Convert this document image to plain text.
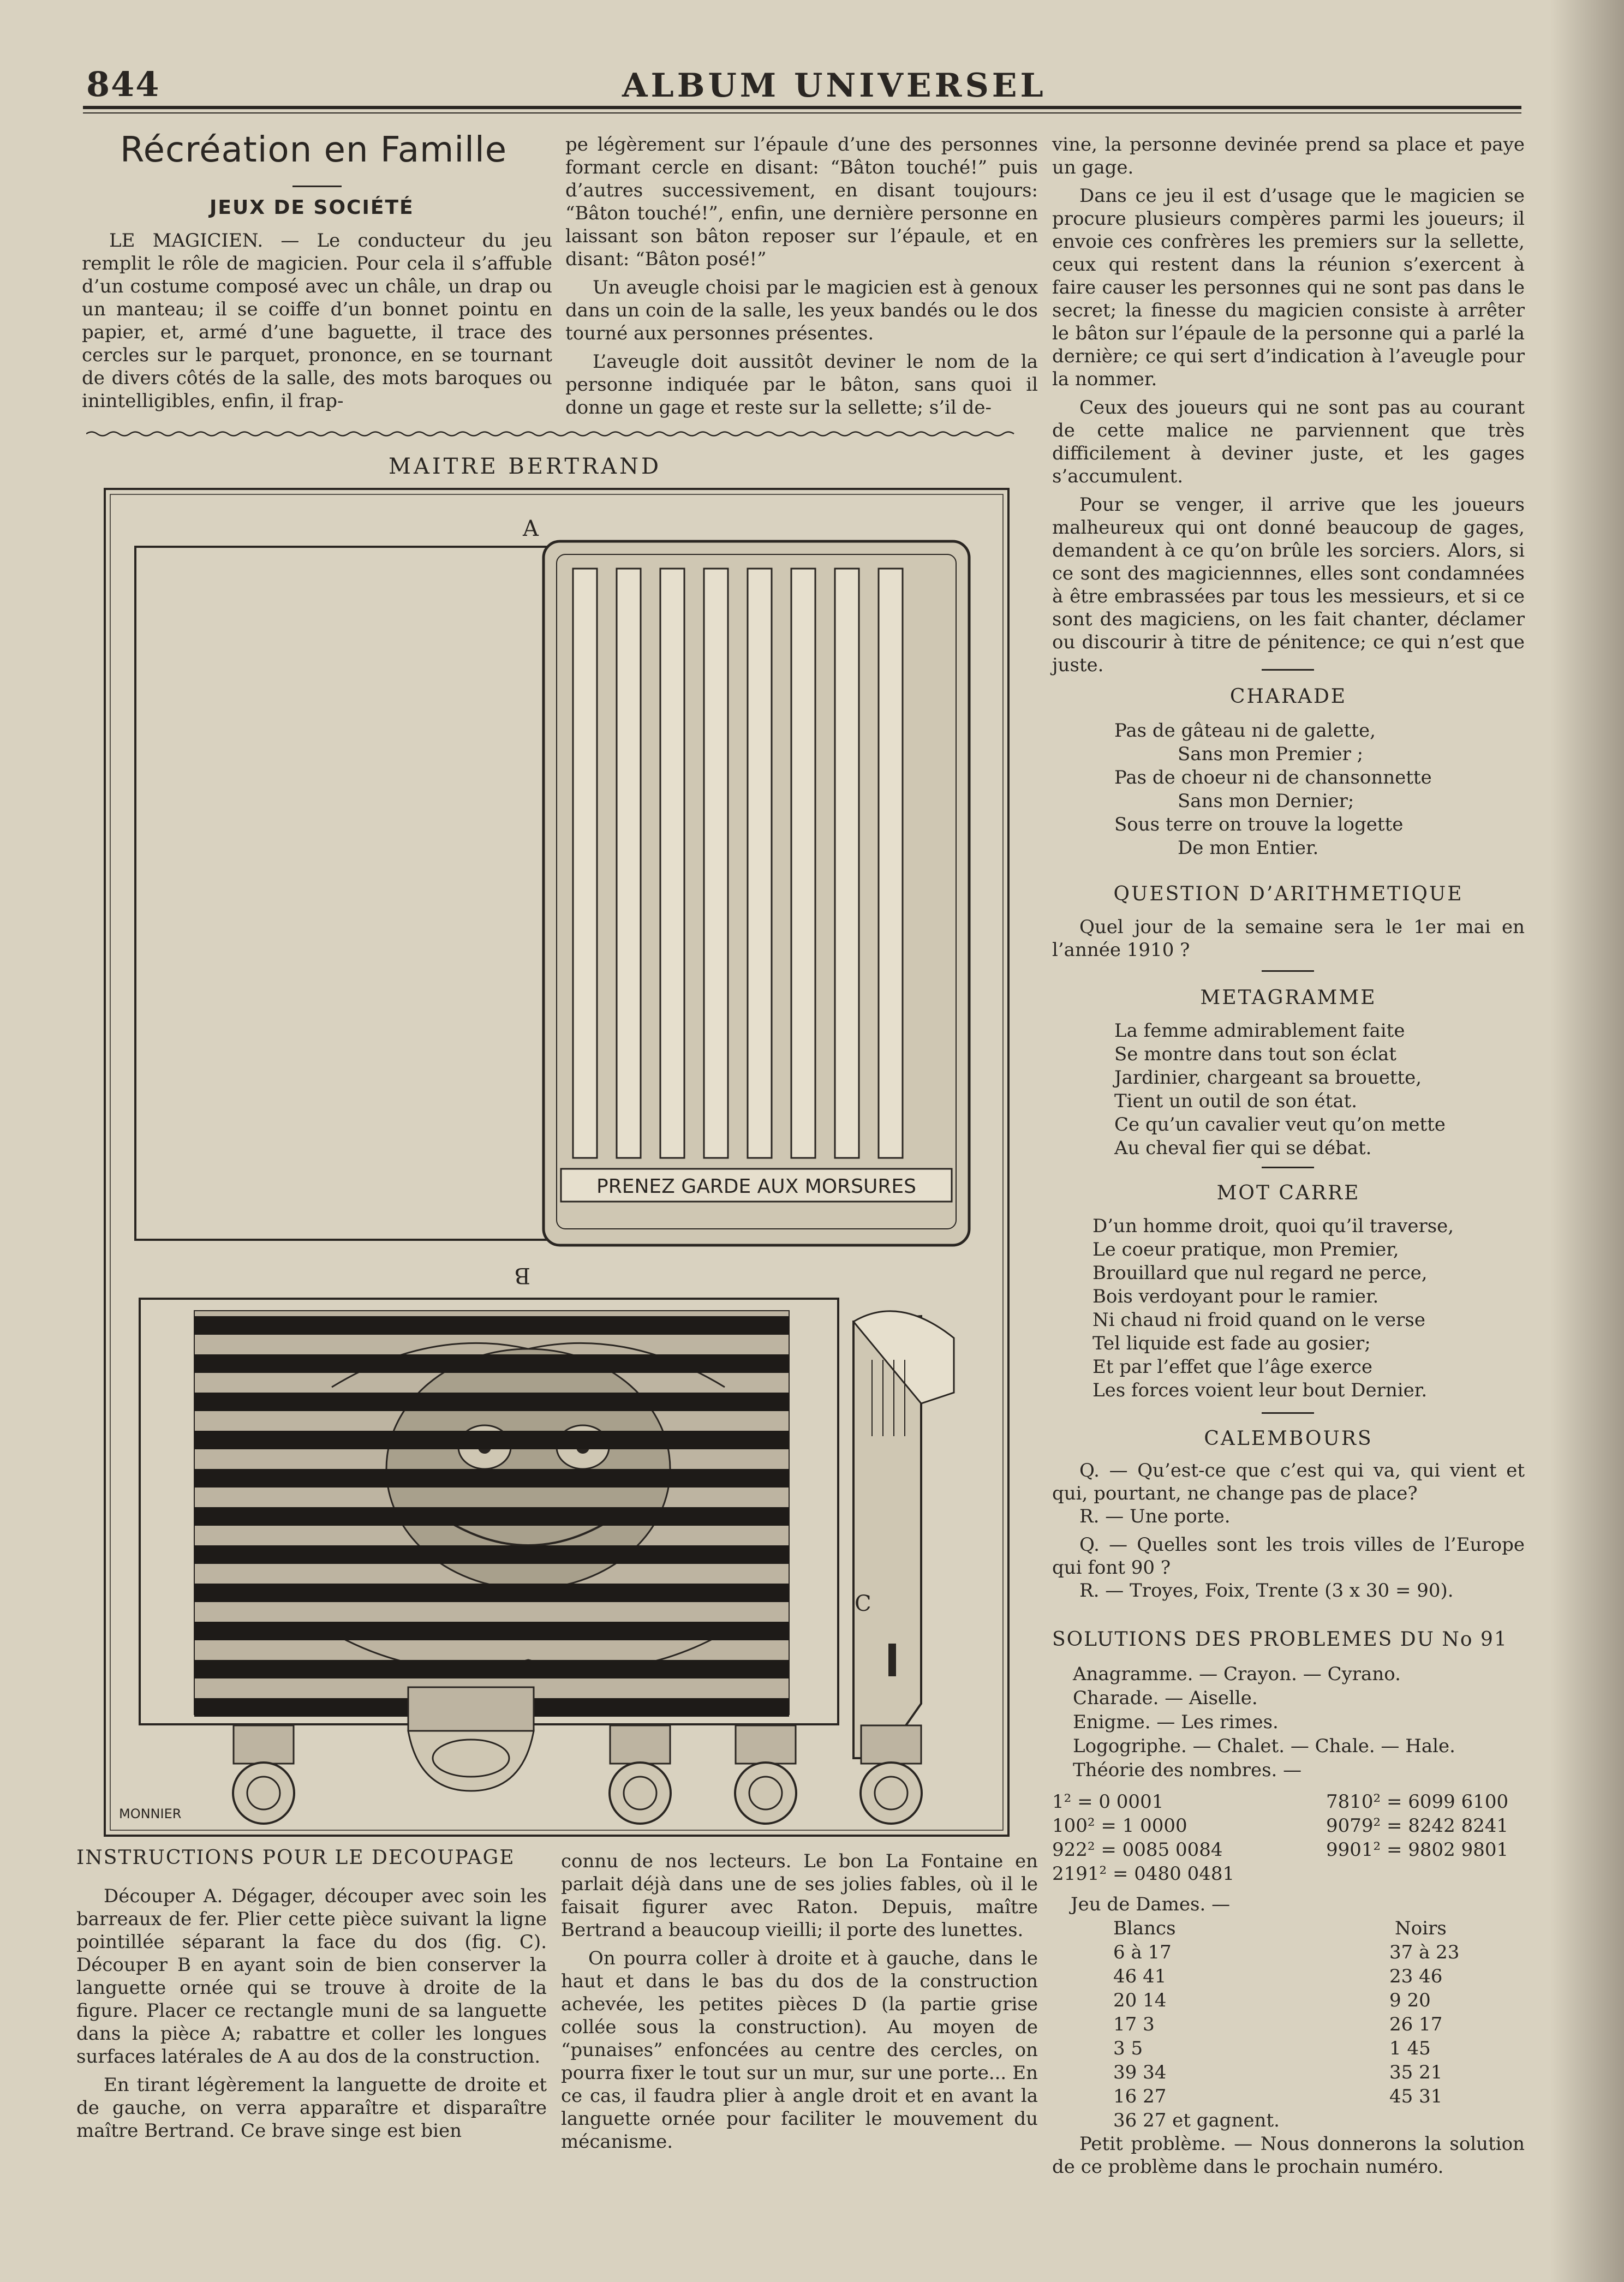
844	ALBUM UNIVERSEL
Récréation en Famille
JEUX DE SOCIÉTÉ

LE MAGICIEN. — Le conducteur du jeu remplit le rôle de magicien. Pour cela il s’affuble d’un costume composé avec un châle, un drap ou un manteau; il se coiffe d’un bonnet pointu en papier, et, armé d’une baguette, il trace des cercles sur le parquet, prononce, en se tournant de divers côtés de la salle, des mots baroques ou inintelligibles, enfin, il frap-

pe légèrement sur l’épaule d’une des personnes formant cercle en disant: “Bâton touché!” puis d’autres successivement, en disant toujours: “Bâton touché!”, enfin, une dernière personne en laissant son bâton reposer sur l’épaule, et en disant: “Bâton posé!”

Un aveugle choisi par le magicien est à genoux dans un coin de la salle, les yeux bandés ou le dos tourné aux personnes présentes.

L’aveugle doit aussitôt deviner le nom de la personne indiquée par le bâton, sans quoi il donne un gage et reste sur la sellette; s’il de-

MAITRE BERTRAND
PRENEZ GARDE AUX MORSURES
A
B
C
MONNIER

vine, la personne devinée prend sa place et paye un gage.

Dans ce jeu il est d’usage que le magicien se procure plusieurs compères parmi les joueurs; il envoie ces confrères les premiers sur la sellette, ceux qui restent dans la réunion s’exercent à faire causer les personnes qui ne sont pas dans le secret; la finesse du magicien consiste à arrêter le bâton sur l’épaule de la personne qui a parlé la dernière; ce qui sert d’indication à l’aveugle pour la nommer.

Ceux des joueurs qui ne sont pas au courant de cette malice ne parviennent que très difficilement à deviner juste, et les gages s’accumulent.

Pour se venger, il arrive que les joueurs malheureux qui ont donné beaucoup de gages, demandent à ce qu’on brûle les sorciers. Alors, si ce sont des magiciennnes, elles sont condamnées à être embrassées par tous les messieurs, et si ce sont des magiciens, on les fait chanter, déclamer ou discourir à titre de pénitence; ce qui n’est que juste.

CHARADE
Pas de gâteau ni de galette,
Sans mon Premier ;
Pas de choeur ni de chansonnette
Sans mon Dernier;
Sous terre on trouve la logette
De mon Entier.
QUESTION D’ARITHMETIQUE

Quel jour de la semaine sera le 1er mai en l’année 1910 ?

METAGRAMME
La femme admirablement faite
Se montre dans tout son éclat
Jardinier, chargeant sa brouette,
Tient un outil de son état.
Ce qu’un cavalier veut qu’on mette
Au cheval fier qui se débat.
MOT CARRE
D’un homme droit, quoi qu’il traverse,
Le coeur pratique, mon Premier,
Brouillard que nul regard ne perce,
Bois verdoyant pour le ramier.
Ni chaud ni froid quand on le verse
Tel liquide est fade au gosier;
Et par l’effet que l’âge exerce
Les forces voient leur bout Dernier.
CALEMBOURS

Q. — Qu’est-ce que c’est qui va, qui vient et qui, pourtant, ne change pas de place?

R. — Une porte.

Q. — Quelles sont les trois villes de l’Europe qui font 90 ?

R. — Troyes, Foix, Trente (3 x 30 = 90).

SOLUTIONS DES PROBLEMES DU No 91
Anagramme. — Crayon. — Cyrano.
Charade. — Aiselle.
Enigme. — Les rimes.
Logogriphe. — Chalet. — Chale. — Hale.
Théorie des nombres. —
1² = 0 0001
100² = 1 0000
922² = 0085 0084
2191² = 0480 0481
7810² = 6099 6100
9079² = 8242 8241
9901² = 9802 9801
Jeu de Dames. —
Blancs	Noirs
6 à 17
46 41
20 14
17 3
3 5
39 34
16 27
36 27 et gagnent.
37 à 23
23 46
9 20
26 17
1 45
35 21
45 31

Petit problème. — Nous donnerons la solution de ce problème dans le prochain numéro.

INSTRUCTIONS POUR LE DECOUPAGE

Découper A. Dégager, découper avec soin les barreaux de fer. Plier cette pièce suivant la ligne pointillée séparant la face du dos (fig. C). Découper B en ayant soin de bien conserver la languette ornée qui se trouve à droite de la figure. Placer ce rectangle muni de sa languette dans la pièce A; rabattre et coller les longues surfaces latérales de A au dos de la construction.

En tirant légèrement la languette de droite et de gauche, on verra apparaître et disparaître maître Bertrand. Ce brave singe est bien

connu de nos lecteurs. Le bon La Fontaine en parlait déjà dans une de ses jolies fables, où il le faisait figurer avec Raton. Depuis, maître Bertrand a beaucoup vieilli; il porte des lunettes.

On pourra coller à droite et à gauche, dans le haut et dans le bas du dos de la construction achevée, les petites pièces D (la partie grise collée sous la construction). Au moyen de “punaises” enfoncées au centre des cercles, on pourra fixer le tout sur un mur, sur une porte... En ce cas, il faudra plier à angle droit et en avant la languette ornée pour faciliter le mouvement du mécanisme.
